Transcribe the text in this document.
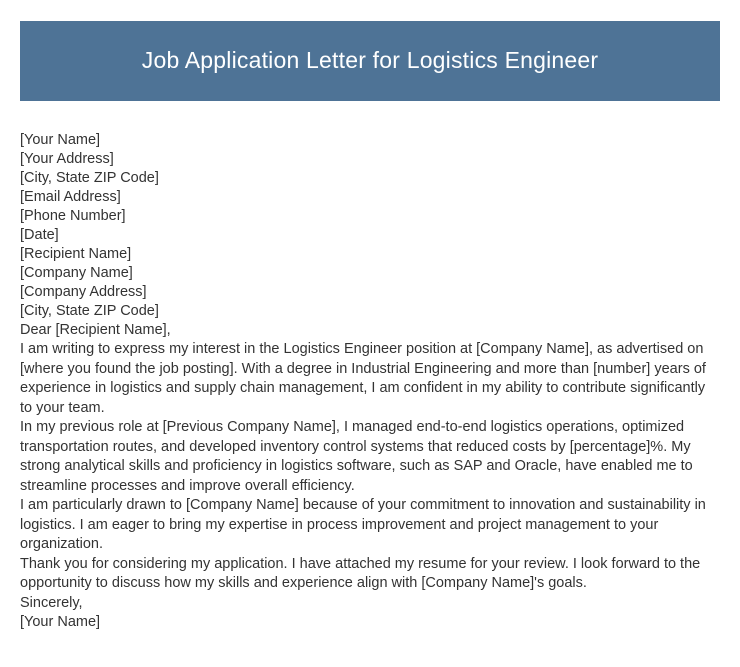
Job Application Letter for Logistics Engineer
[Your Name]
[Your Address]
[City, State ZIP Code]
[Email Address]
[Phone Number]
[Date]
[Recipient Name]
[Company Name]
[Company Address]
[City, State ZIP Code]
Dear [Recipient Name],
I am writing to express my interest in the Logistics Engineer position at [Company Name], as advertised on [where you found the job posting]. With a degree in Industrial Engineering and more than [number] years of experience in logistics and supply chain management, I am confident in my ability to contribute significantly to your team.
In my previous role at [Previous Company Name], I managed end-to-end logistics operations, optimized transportation routes, and developed inventory control systems that reduced costs by [percentage]%. My strong analytical skills and proficiency in logistics software, such as SAP and Oracle, have enabled me to streamline processes and improve overall efficiency.
I am particularly drawn to [Company Name] because of your commitment to innovation and sustainability in logistics. I am eager to bring my expertise in process improvement and project management to your organization.
Thank you for considering my application. I have attached my resume for your review. I look forward to the opportunity to discuss how my skills and experience align with [Company Name]'s goals.
Sincerely,
[Your Name]
